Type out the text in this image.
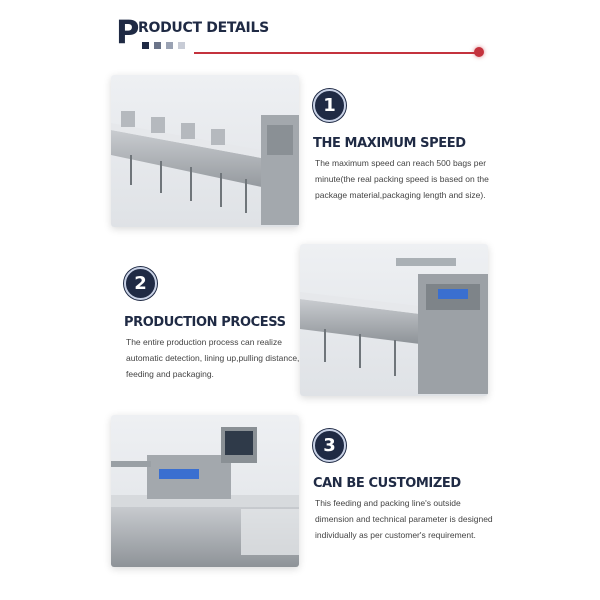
P
RODUCT DETAILS
1
THE MAXIMUM SPEED
The maximum speed can reach 500 bags per minute(the real packing speed is based on the package material,packaging length and size).
2
PRODUCTION PROCESS
The entire production process can realize automatic detection, lining up,pulling distance, feeding and packaging.
3
CAN BE CUSTOMIZED
This feeding and packing line's outside dimension and technical parameter is designed individually as per customer's requirement.
